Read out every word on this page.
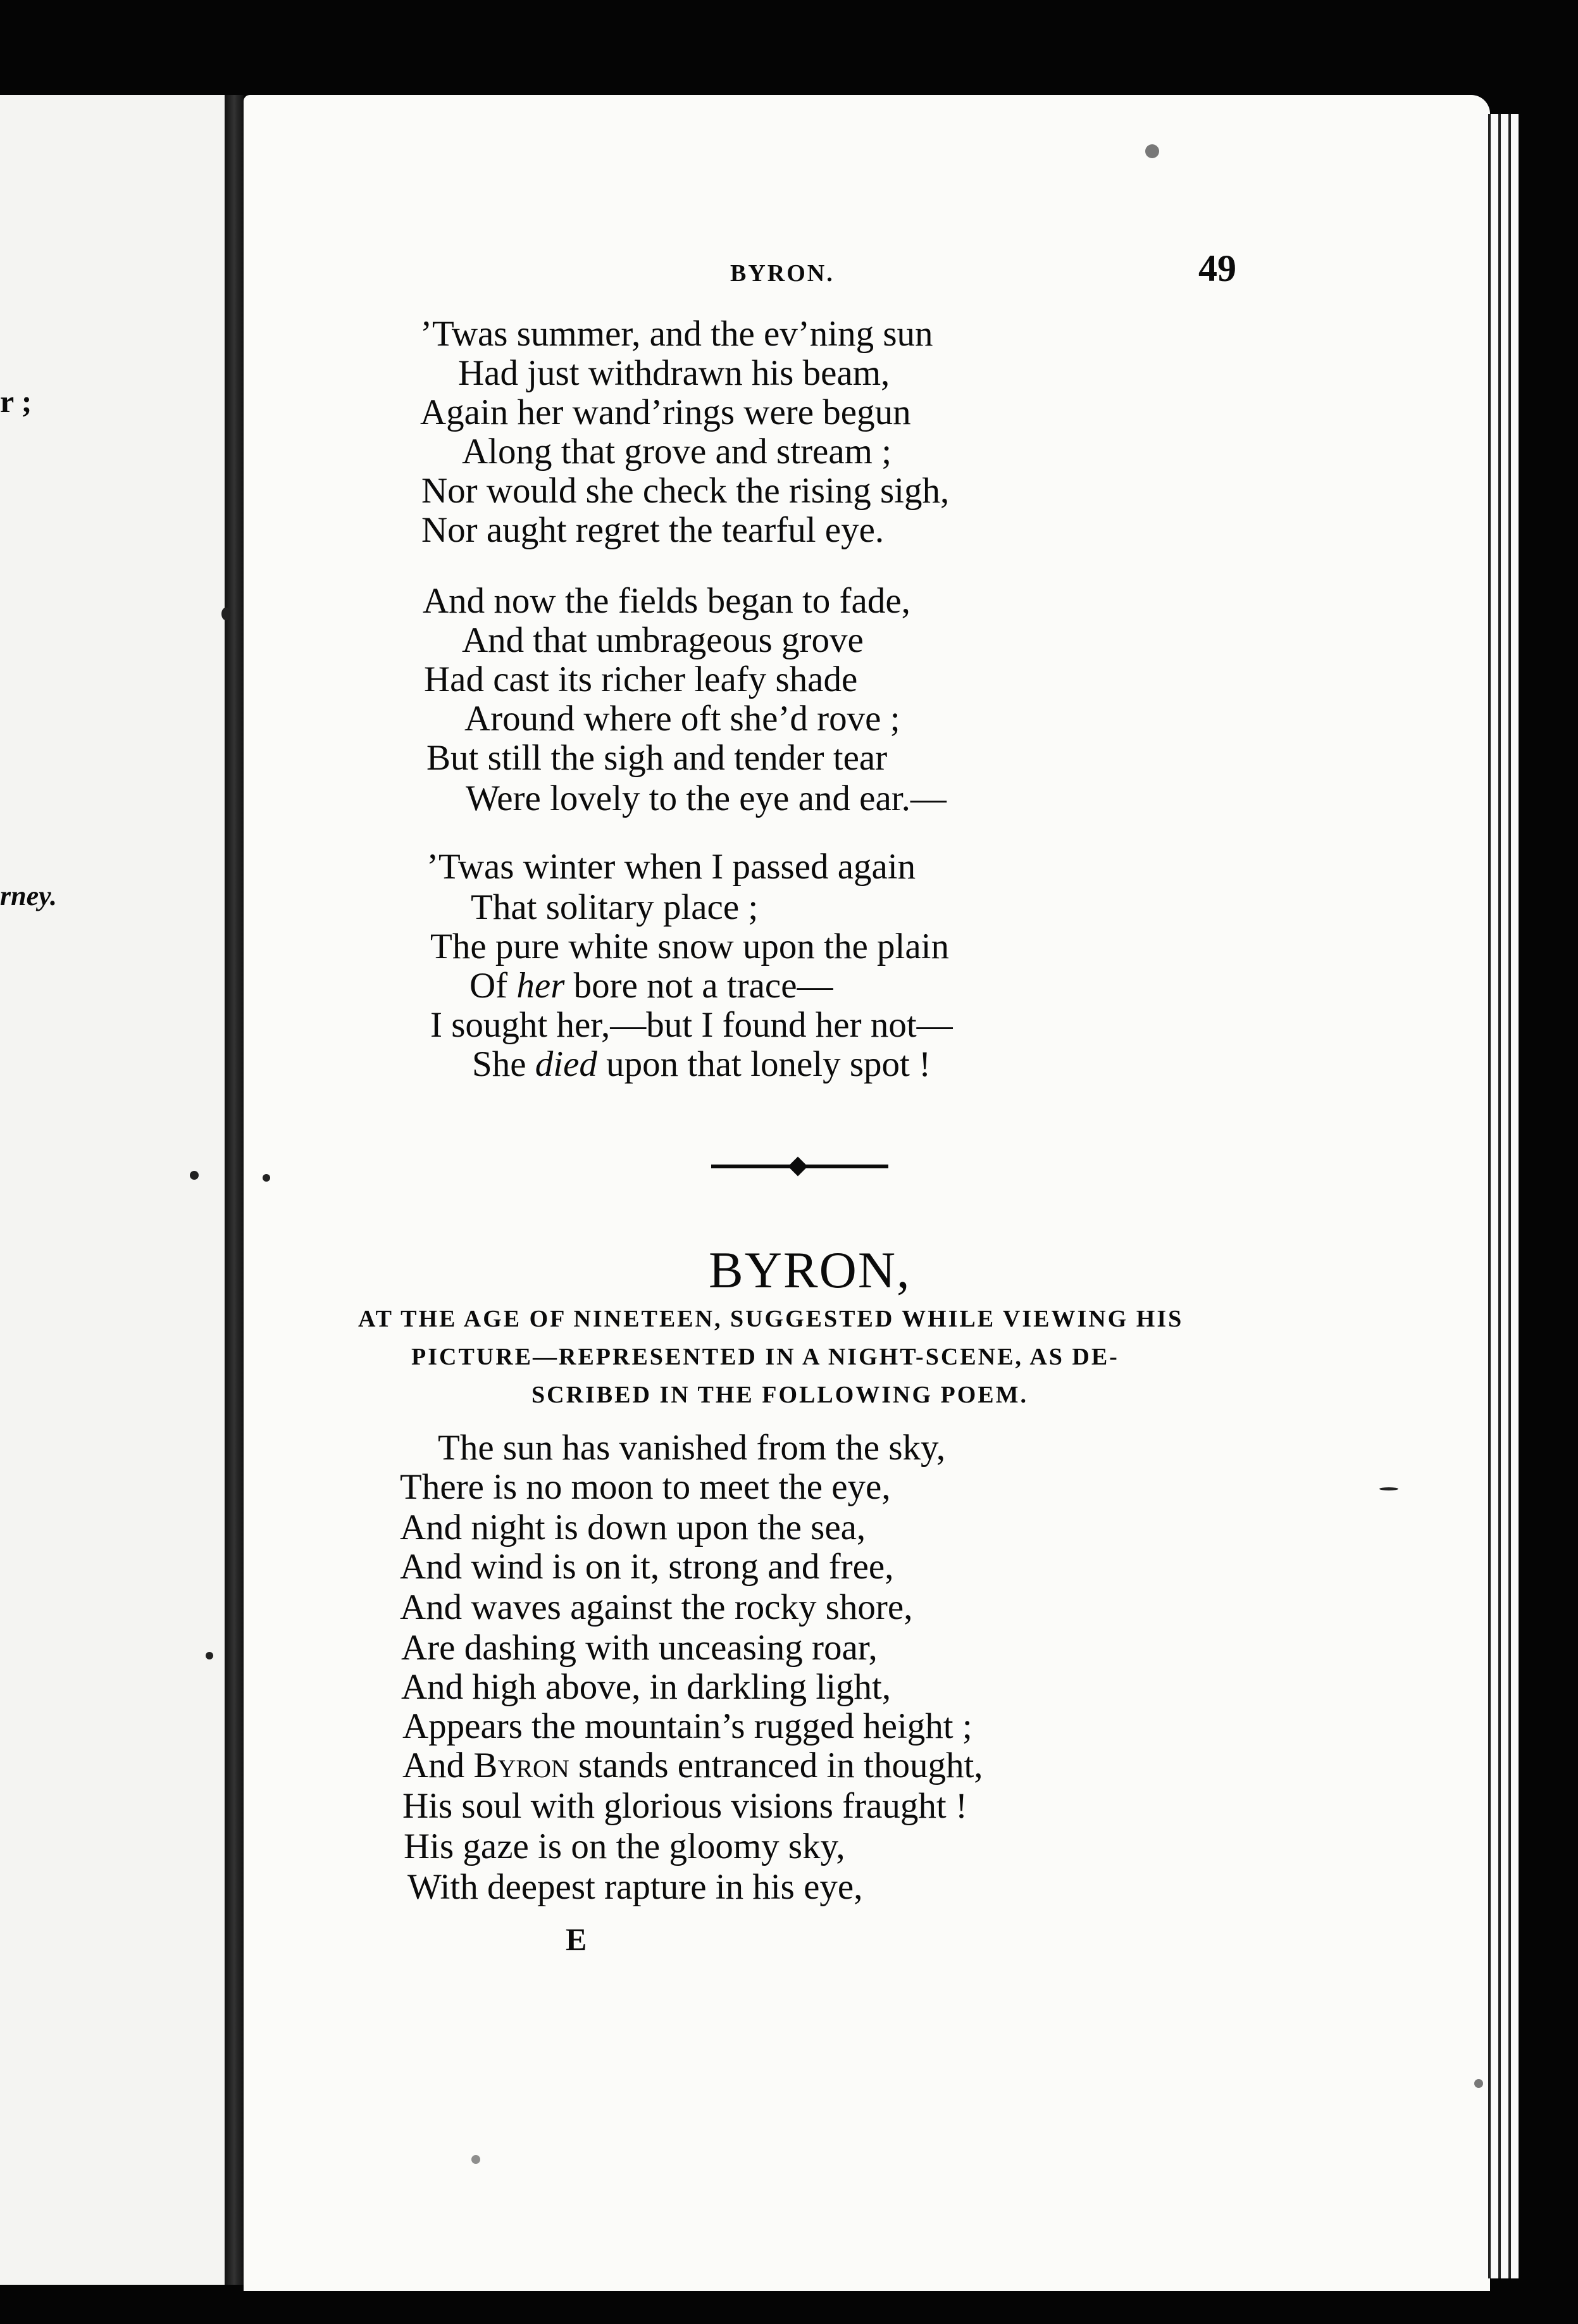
r ;
rney.
BYRON.	49
’Twas summer, and the ev’ning sun
Had just withdrawn his beam,
Again her wand’rings were begun
Along that grove and stream ;
Nor would she check the rising sigh,
Nor aught regret the tearful eye.
And now the fields began to fade,
And that umbrageous grove
Had cast its richer leafy shade
Around where oft she’d rove ;
But still the sigh and tender tear
Were lovely to the eye and ear.—
’Twas winter when I passed again
That solitary place ;
The pure white snow upon the plain
Of her bore not a trace—
I sought her,—but I found her not—
She died upon that lonely spot !
BYRON,
AT THE AGE OF NINETEEN, SUGGESTED WHILE VIEWING HIS
PICTURE—REPRESENTED IN A NIGHT-SCENE, AS DE-
SCRIBED IN THE FOLLOWING POEM.
The sun has vanished from the sky,
There is no moon to meet the eye,
And night is down upon the sea,
And wind is on it, strong and free,
And waves against the rocky shore,
Are dashing with unceasing roar,
And high above, in darkling light,
Appears the mountain’s rugged height ;
And Byron stands entranced in thought,
His soul with glorious visions fraught !
His gaze is on the gloomy sky,
With deepest rapture in his eye,
E
